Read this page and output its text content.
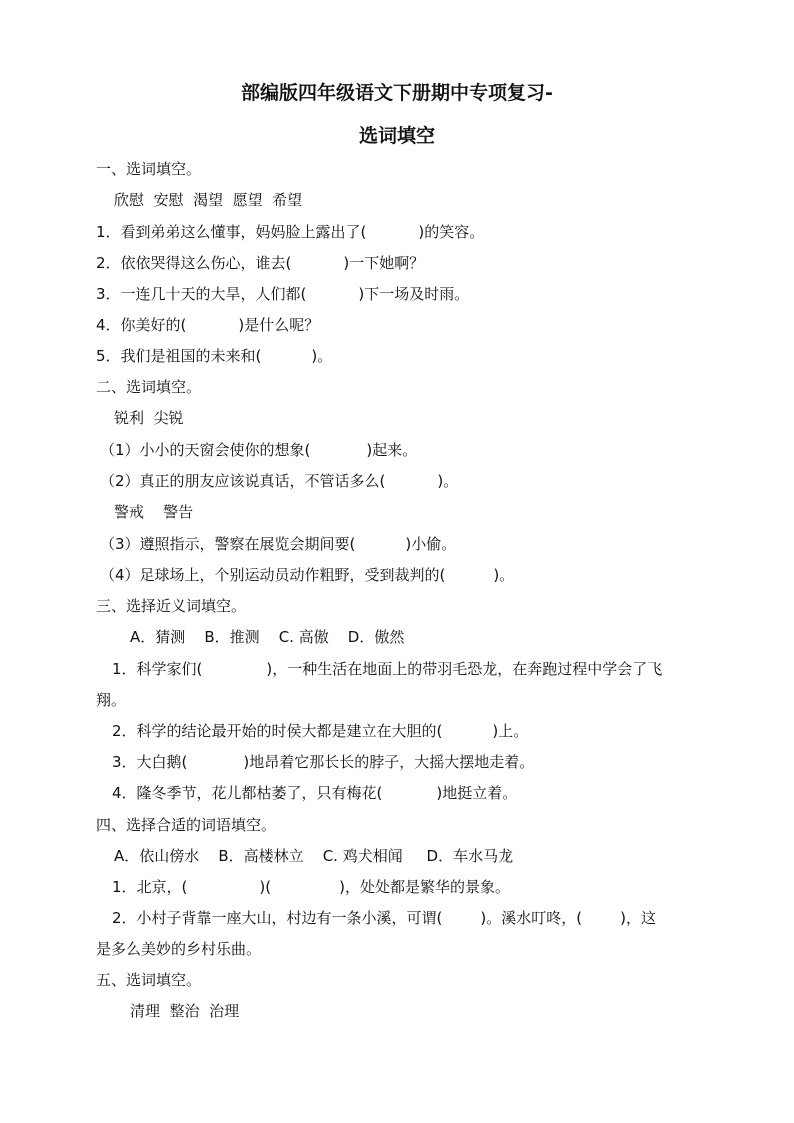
部编版四年级语文下册期中专项复习-
选词填空
一、选词填空。
欣慰  安慰  渴望  愿望  希望
1．看到弟弟这么懂事，妈妈脸上露出了(	)的笑容。
2．依依哭得这么伤心，谁去(	)一下她啊？
3．一连几十天的大旱，人们都(	)下一场及时雨。
4．你美好的(	)是什么呢？
5．我们是祖国的未来和(	)。
二、选词填空。
锐利  尖锐
（1）小小的天窗会使你的想象(	)起来。
（2）真正的朋友应该说真话，不管话多么(	)。
警戒    警告
（3）遵照指示，警察在展览会期间要(	)小偷。
（4）足球场上，个别运动员动作粗野，受到裁判的(	)。
三、选择近义词填空。
A．猜测    B．推测    C. 高傲    D．傲然
1．科学家们(	)，一种生活在地面上的带羽毛恐龙，在奔跑过程中学会了飞
翔。
2．科学的结论最开始的时侯大都是建立在大胆的(	)上。
3．大白鹅(	)地昂着它那长长的脖子，大摇大摆地走着。
4．隆冬季节，花儿都枯萎了，只有梅花(	)地挺立着。
四、选择合适的词语填空。
A．依山傍水    B．高楼林立    C. 鸡犬相闻     D．车水马龙
1．北京，(	)(	)，处处都是繁华的景象。
2．小村子背靠一座大山，村边有一条小溪，可谓(	)。溪水叮咚，(	)，这
是多么美妙的乡村乐曲。
五、选词填空。
清理  整治  治理
